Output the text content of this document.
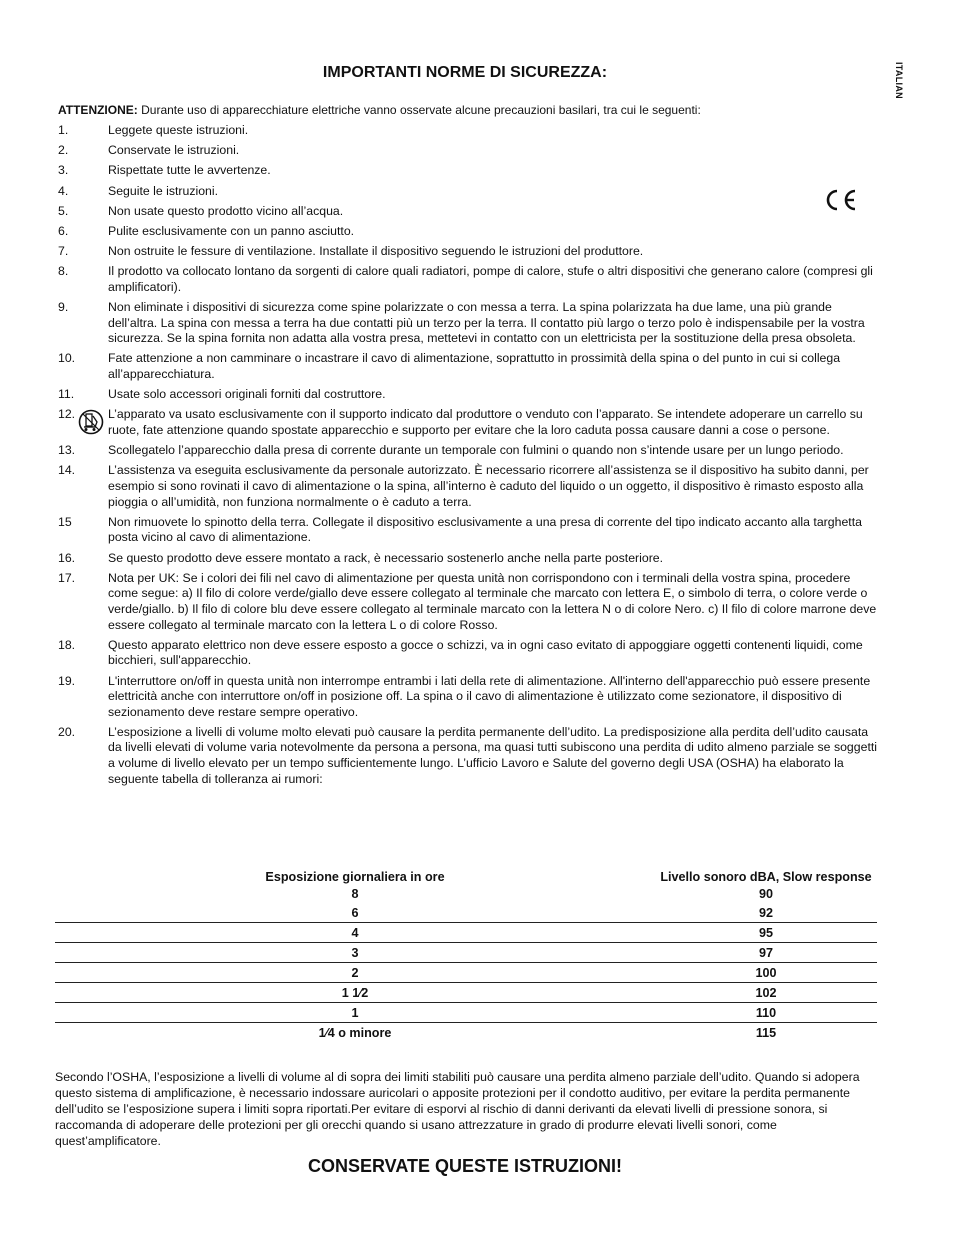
ITALIAN
IMPORTANTI NORME DI SICUREZZA:
ATTENZIONE: Durante uso di apparecchiature elettriche vanno osservate alcune precauzioni basilari, tra cui le seguenti:
1.	Leggete queste istruzioni.
2.	Conservate le istruzioni.
3.	Rispettate tutte le avvertenze.
4.	Seguite le istruzioni.
5.	Non usate questo prodotto vicino all’acqua.
6.	Pulite esclusivamente con un panno asciutto.
7.	Non ostruite le fessure di ventilazione. Installate il dispositivo seguendo le istruzioni del produttore.
8.	Il prodotto va collocato lontano da sorgenti di calore quali radiatori, pompe di calore, stufe o altri dispositivi che generano calore (compresi gli amplificatori).
9.	Non eliminate i dispositivi di sicurezza come spine polarizzate o con messa a terra. La spina polarizzata ha due lame, una più grande dell’altra. La spina con messa a terra ha due contatti più un terzo per la terra. Il contatto più largo o terzo polo è indispensabile per la vostra sicurezza. Se la spina fornita non adatta alla vostra presa, mettetevi in contatto con un elettricista per la sostituzione della presa obsoleta.
10.	Fate attenzione a non camminare o incastrare il cavo di alimentazione, soprattutto in prossimità della spina o del punto in cui si collega all’apparecchiatura.
11.	Usate solo accessori originali forniti dal costruttore.
12.	L’apparato va usato esclusivamente con il supporto indicato dal produttore o venduto con l’apparato. Se intendete adoperare un carrello su ruote, fate attenzione quando spostate apparecchio e supporto per evitare che la loro caduta possa causare danni a cose o persone.
13.	Scollegatelo l’apparecchio dalla presa di corrente durante un temporale con fulmini o quando non s’intende usare per un lungo periodo.
14.	L’assistenza va eseguita esclusivamente da personale autorizzato. È necessario ricorrere all’assistenza se il dispositivo ha subito danni, per esempio si sono rovinati il cavo di alimentazione o la spina, all’interno è caduto del liquido o un oggetto, il dispositivo è rimasto esposto alla pioggia o all’umidità, non funziona normalmente o è caduto a terra.
15	Non rimuovete lo spinotto della terra. Collegate il dispositivo esclusivamente a una presa di corrente del tipo indicato accanto alla targhetta posta vicino al cavo di alimentazione.
16.	Se questo prodotto deve essere montato a rack, è necessario sostenerlo anche nella parte posteriore.
17.	Nota per UK: Se i colori dei fili nel cavo di alimentazione per questa unità non corrispondono con i terminali della vostra spina, procedere come segue: a) Il filo di colore verde/giallo deve essere collegato al terminale che marcato con lettera E, o simbolo di terra, o colore verde o verde/giallo. b) Il filo di colore blu deve essere collegato al terminale marcato con la lettera N o di colore Nero. c) Il filo di colore marrone deve essere collegato al terminale marcato con la lettera L o di colore Rosso.
18.	Questo apparato elettrico non deve essere esposto a gocce o schizzi, va in ogni caso evitato di appoggiare oggetti contenenti liquidi, come bicchieri, sull'apparecchio.
19.	L'interruttore on/off in questa unità non interrompe entrambi i lati della rete di alimentazione. All'interno dell'apparecchio può essere presente elettricità anche con interruttore on/off in posizione off. La spina o il cavo di alimentazione è utilizzato come sezionatore, il dispositivo di sezionamento deve restare sempre operativo.
20.	L’esposizione a livelli di volume molto elevati può causare la perdita permanente dell’udito. La predisposizione alla perdita dell’udito causata da livelli elevati di volume varia notevolmente da persona a persona, ma quasi tutti subiscono una perdita di udito almeno parziale se soggetti a volume di livello elevato per un tempo sufficientemente lungo. L’ufficio Lavoro e Salute del governo degli USA (OSHA) ha elaborato la seguente tabella di tolleranza ai rumori:
Esposizione giornaliera in ore	Livello sonoro dBA, Slow response
8	90
6	92
4	95
3	97
2	100
1 1⁄2	102
1	110
1⁄4 o minore	115

Secondo l’OSHA, l’esposizione a livelli di volume al di sopra dei limiti stabiliti può causare una perdita almeno parziale dell’udito. Quando si adopera questo sistema di amplificazione, è necessario indossare auricolari o apposite protezioni per il condotto auditivo, per evitare la perdita permanente dell’udito se l’esposizione supera i limiti sopra riportati.Per evitare di esporvi al rischio di danni derivanti da elevati livelli di pressione sonora, si raccomanda di adoperare delle protezioni per gli orecchi quando si usano attrezzature in grado di produrre elevati livelli sonori, come quest’amplificatore.

CONSERVATE QUESTE ISTRUZIONI!
